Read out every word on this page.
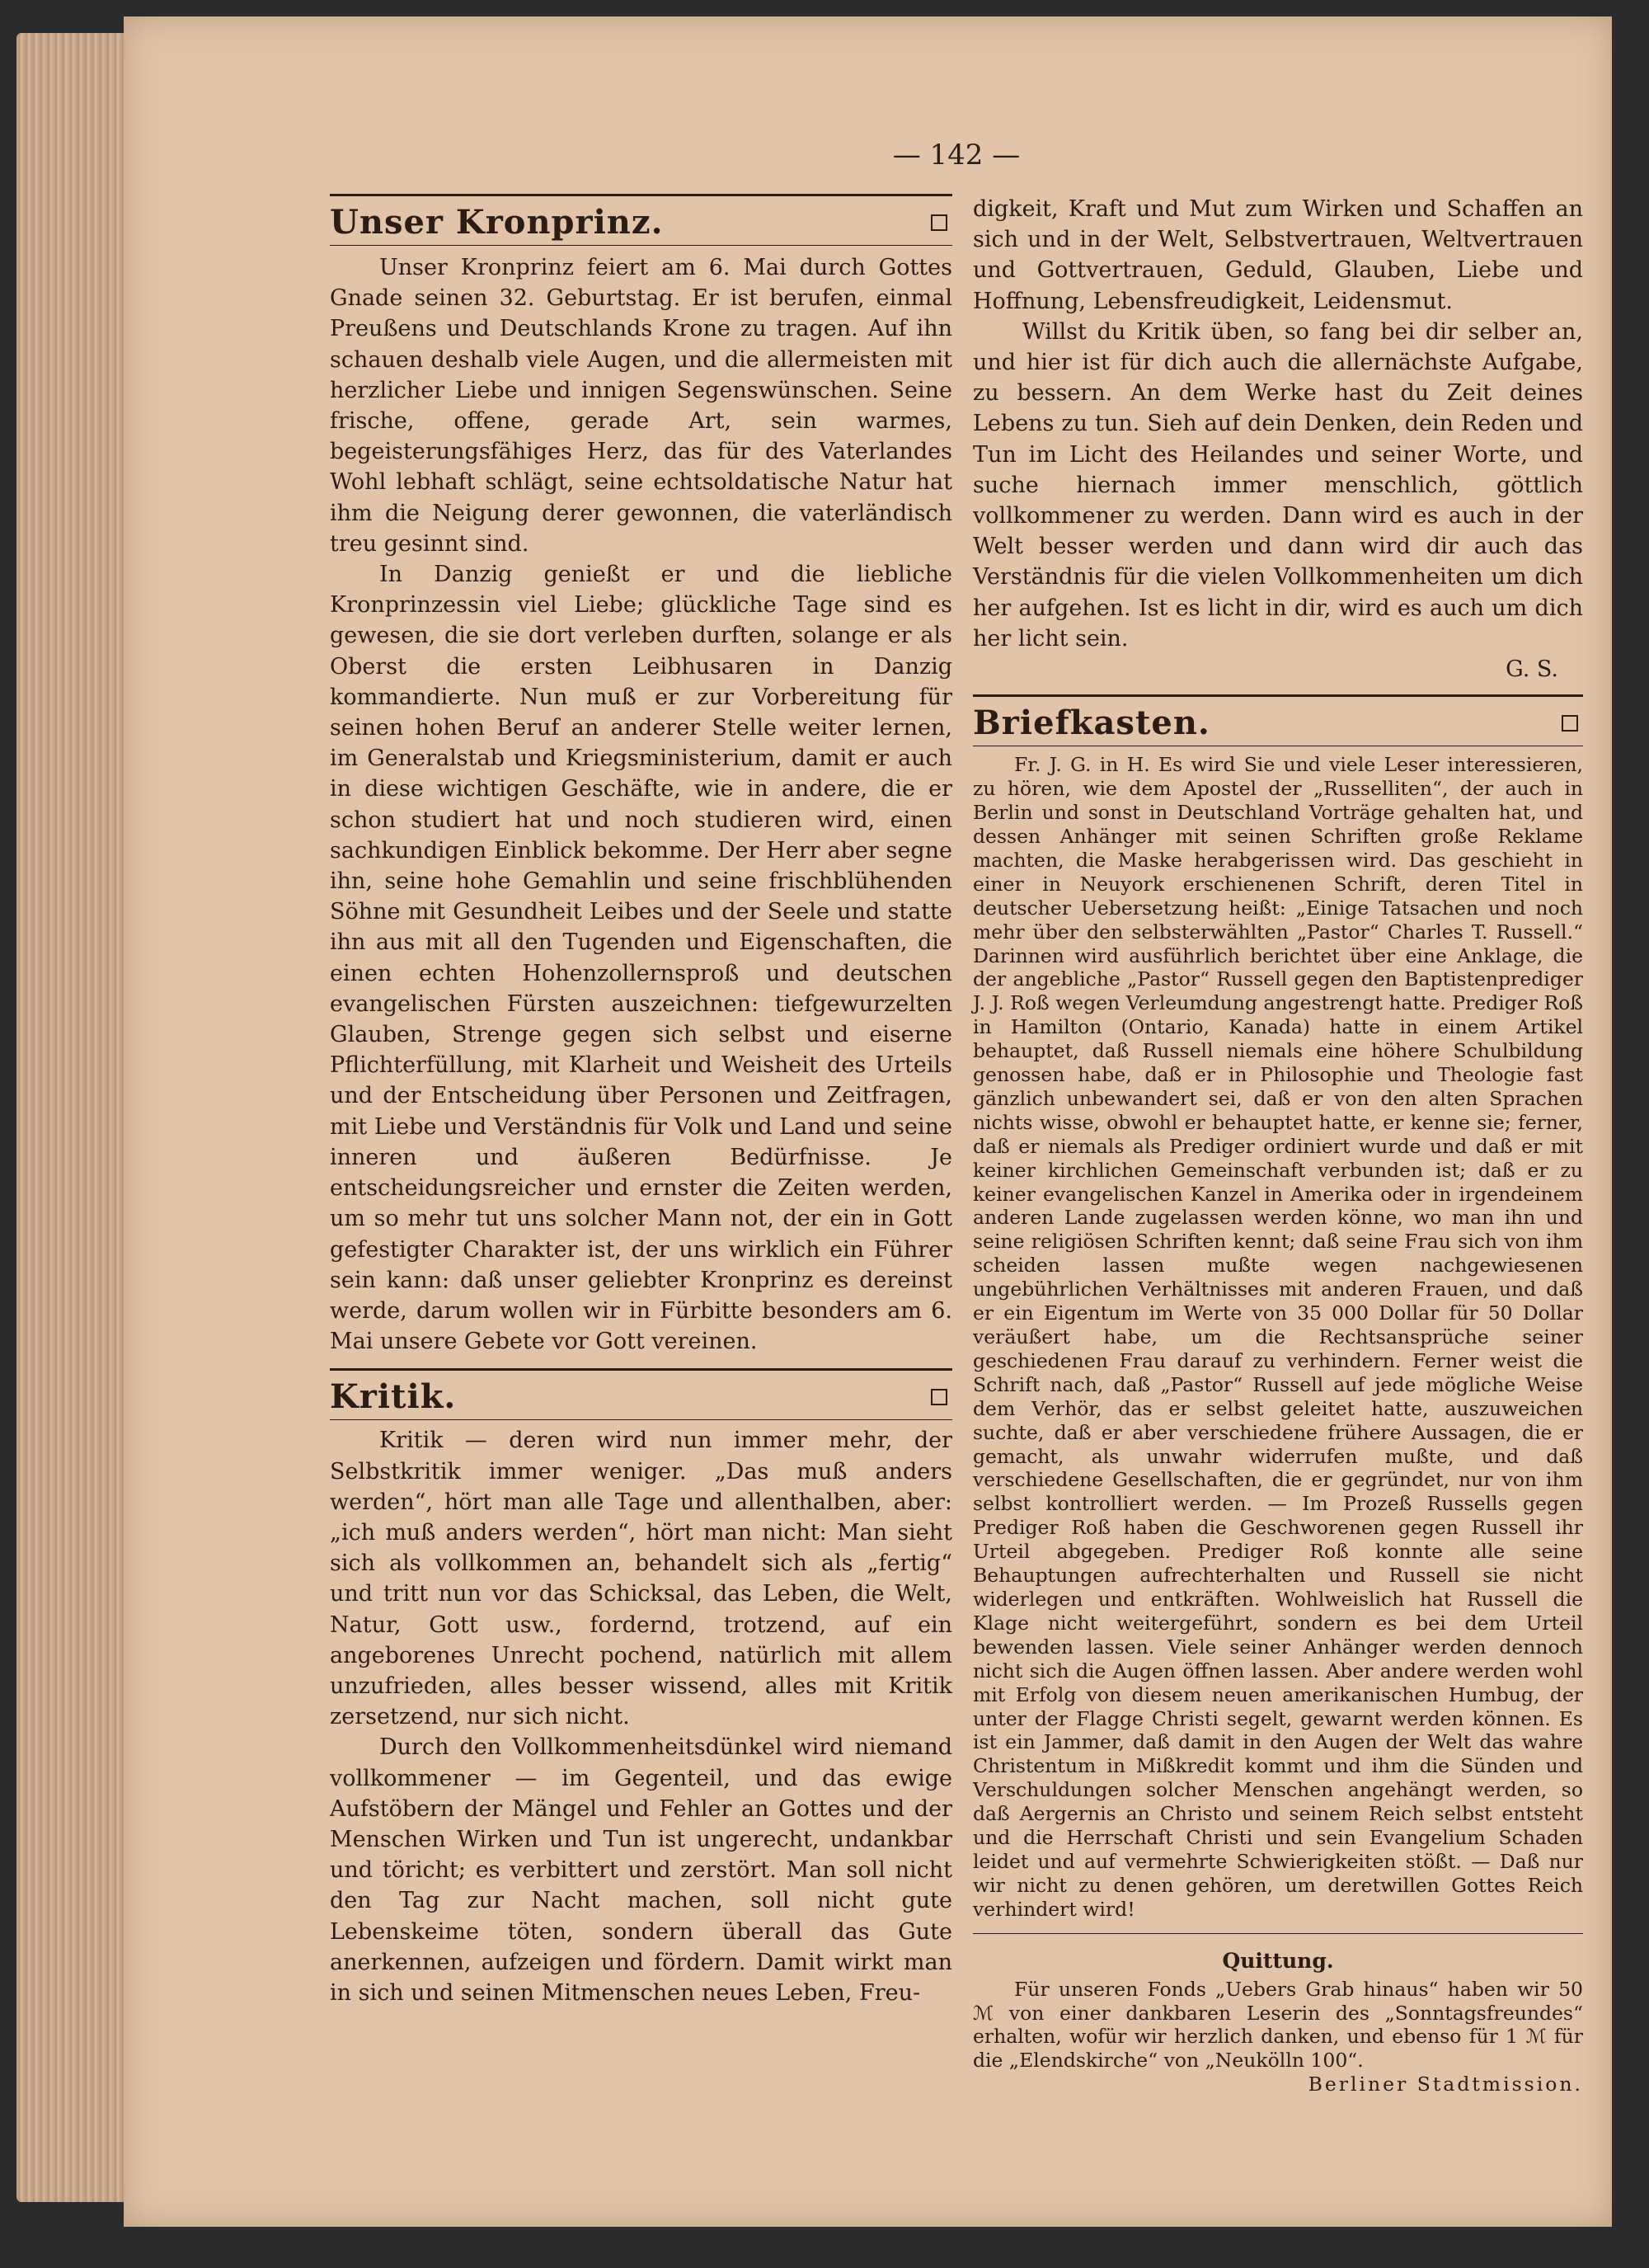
— 142 —
Unser Kronprinz.

Unser Kronprinz feiert am 6. Mai durch Gottes Gnade seinen 32. Geburtstag. Er ist berufen, einmal Preußens und Deutschlands Krone zu tragen. Auf ihn schauen deshalb viele Augen, und die allermeisten mit herzlicher Liebe und innigen Segenswünschen. Seine frische, offene, gerade Art, sein warmes, begeisterungsfähiges Herz, das für des Vaterlandes Wohl lebhaft schlägt, seine echtsoldatische Natur hat ihm die Neigung derer gewonnen, die vaterländisch treu gesinnt sind.

In Danzig genießt er und die liebliche Kronprinzessin viel Liebe; glückliche Tage sind es gewesen, die sie dort verleben durften, solange er als Oberst die ersten Leibhusaren in Danzig kommandierte. Nun muß er zur Vorbereitung für seinen hohen Beruf an anderer Stelle weiter lernen, im Generalstab und Kriegsministerium, damit er auch in diese wichtigen Geschäfte, wie in andere, die er schon studiert hat und noch studieren wird, einen sachkundigen Einblick bekomme. Der Herr aber segne ihn, seine hohe Gemahlin und seine frischblühenden Söhne mit Gesundheit Leibes und der Seele und statte ihn aus mit all den Tugenden und Eigenschaften, die einen echten Hohenzollernsproß und deutschen evangelischen Fürsten auszeichnen: tiefgewurzelten Glauben, Strenge gegen sich selbst und eiserne Pflichterfüllung, mit Klarheit und Weisheit des Urteils und der Entscheidung über Personen und Zeitfragen, mit Liebe und Verständnis für Volk und Land und seine inneren und äußeren Bedürfnisse. Je entscheidungsreicher und ernster die Zeiten werden, um so mehr tut uns solcher Mann not, der ein in Gott gefestigter Charakter ist, der uns wirklich ein Führer sein kann: daß unser geliebter Kronprinz es dereinst werde, darum wollen wir in Fürbitte besonders am 6. Mai unsere Gebete vor Gott vereinen.

Kritik.

Kritik — deren wird nun immer mehr, der Selbstkritik immer weniger. „Das muß anders werden“, hört man alle Tage und allenthalben, aber: „ich muß anders werden“, hört man nicht: Man sieht sich als vollkommen an, behandelt sich als „fertig“ und tritt nun vor das Schicksal, das Leben, die Welt, Natur, Gott usw., fordernd, trotzend, auf ein angeborenes Unrecht pochend, natürlich mit allem unzufrieden, alles besser wissend, alles mit Kritik zersetzend, nur sich nicht.

Durch den Vollkommenheitsdünkel wird niemand vollkommener — im Gegenteil, und das ewige Aufstöbern der Mängel und Fehler an Gottes und der Menschen Wirken und Tun ist ungerecht, undankbar und töricht; es verbittert und zerstört. Man soll nicht den Tag zur Nacht machen, soll nicht gute Lebenskeime töten, sondern überall das Gute anerkennen, aufzeigen und fördern. Damit wirkt man in sich und seinen Mitmenschen neues Leben, Freu-

digkeit, Kraft und Mut zum Wirken und Schaffen an sich und in der Welt, Selbstvertrauen, Weltvertrauen und Gottvertrauen, Geduld, Glauben, Liebe und Hoffnung, Lebensfreudigkeit, Leidensmut.

Willst du Kritik üben, so fang bei dir selber an, und hier ist für dich auch die allernächste Aufgabe, zu bessern. An dem Werke hast du Zeit deines Lebens zu tun. Sieh auf dein Denken, dein Reden und Tun im Licht des Heilandes und seiner Worte, und suche hiernach immer menschlich, göttlich vollkommener zu werden. Dann wird es auch in der Welt besser werden und dann wird dir auch das Verständnis für die vielen Vollkommenheiten um dich her aufgehen. Ist es licht in dir, wird es auch um dich her licht sein.

G. S.
Briefkasten.

Fr. J. G. in H. Es wird Sie und viele Leser interessieren, zu hören, wie dem Apostel der „Russelliten“, der auch in Berlin und sonst in Deutschland Vorträge gehalten hat, und dessen Anhänger mit seinen Schriften große Reklame machten, die Maske herabgerissen wird. Das geschieht in einer in Neuyork erschienenen Schrift, deren Titel in deutscher Uebersetzung heißt: „Einige Tatsachen und noch mehr über den selbsterwählten „Pastor“ Charles T. Russell.“ Darinnen wird ausführlich berichtet über eine Anklage, die der angebliche „Pastor“ Russell gegen den Baptistenprediger J. J. Roß wegen Verleumdung angestrengt hatte. Prediger Roß in Hamilton (Ontario, Kanada) hatte in einem Artikel behauptet, daß Russell niemals eine höhere Schulbildung genossen habe, daß er in Philosophie und Theologie fast gänzlich unbewandert sei, daß er von den alten Sprachen nichts wisse, obwohl er behauptet hatte, er kenne sie; ferner, daß er niemals als Prediger ordiniert wurde und daß er mit keiner kirchlichen Gemeinschaft verbunden ist; daß er zu keiner evangelischen Kanzel in Amerika oder in irgendeinem anderen Lande zugelassen werden könne, wo man ihn und seine religiösen Schriften kennt; daß seine Frau sich von ihm scheiden lassen mußte wegen nachgewiesenen ungebührlichen Verhältnisses mit anderen Frauen, und daß er ein Eigentum im Werte von 35 000 Dollar für 50 Dollar veräußert habe, um die Rechtsansprüche seiner geschiedenen Frau darauf zu verhindern. Ferner weist die Schrift nach, daß „Pastor“ Russell auf jede mögliche Weise dem Verhör, das er selbst geleitet hatte, auszuweichen suchte, daß er aber verschiedene frühere Aussagen, die er gemacht, als unwahr widerrufen mußte, und daß verschiedene Gesellschaften, die er gegründet, nur von ihm selbst kontrolliert werden. — Im Prozeß Russells gegen Prediger Roß haben die Geschworenen gegen Russell ihr Urteil abgegeben. Prediger Roß konnte alle seine Behauptungen aufrechterhalten und Russell sie nicht widerlegen und entkräften. Wohlweislich hat Russell die Klage nicht weitergeführt, sondern es bei dem Urteil bewenden lassen. Viele seiner Anhänger werden dennoch nicht sich die Augen öffnen lassen. Aber andere werden wohl mit Erfolg von diesem neuen amerikanischen Humbug, der unter der Flagge Christi segelt, gewarnt werden können. Es ist ein Jammer, daß damit in den Augen der Welt das wahre Christentum in Mißkredit kommt und ihm die Sünden und Verschuldungen solcher Menschen angehängt werden, so daß Aergernis an Christo und seinem Reich selbst entsteht und die Herrschaft Christi und sein Evangelium Schaden leidet und auf vermehrte Schwierigkeiten stößt. — Daß nur wir nicht zu denen gehören, um deretwillen Gottes Reich verhindert wird!

Quittung.

Für unseren Fonds „Uebers Grab hinaus“ haben wir 50 ℳ von einer dankbaren Leserin des „Sonntagsfreundes“ erhalten, wofür wir herzlich danken, und ebenso für 1 ℳ für die „Elendskirche“ von „Neukölln 100“.

Berliner Stadtmission.
